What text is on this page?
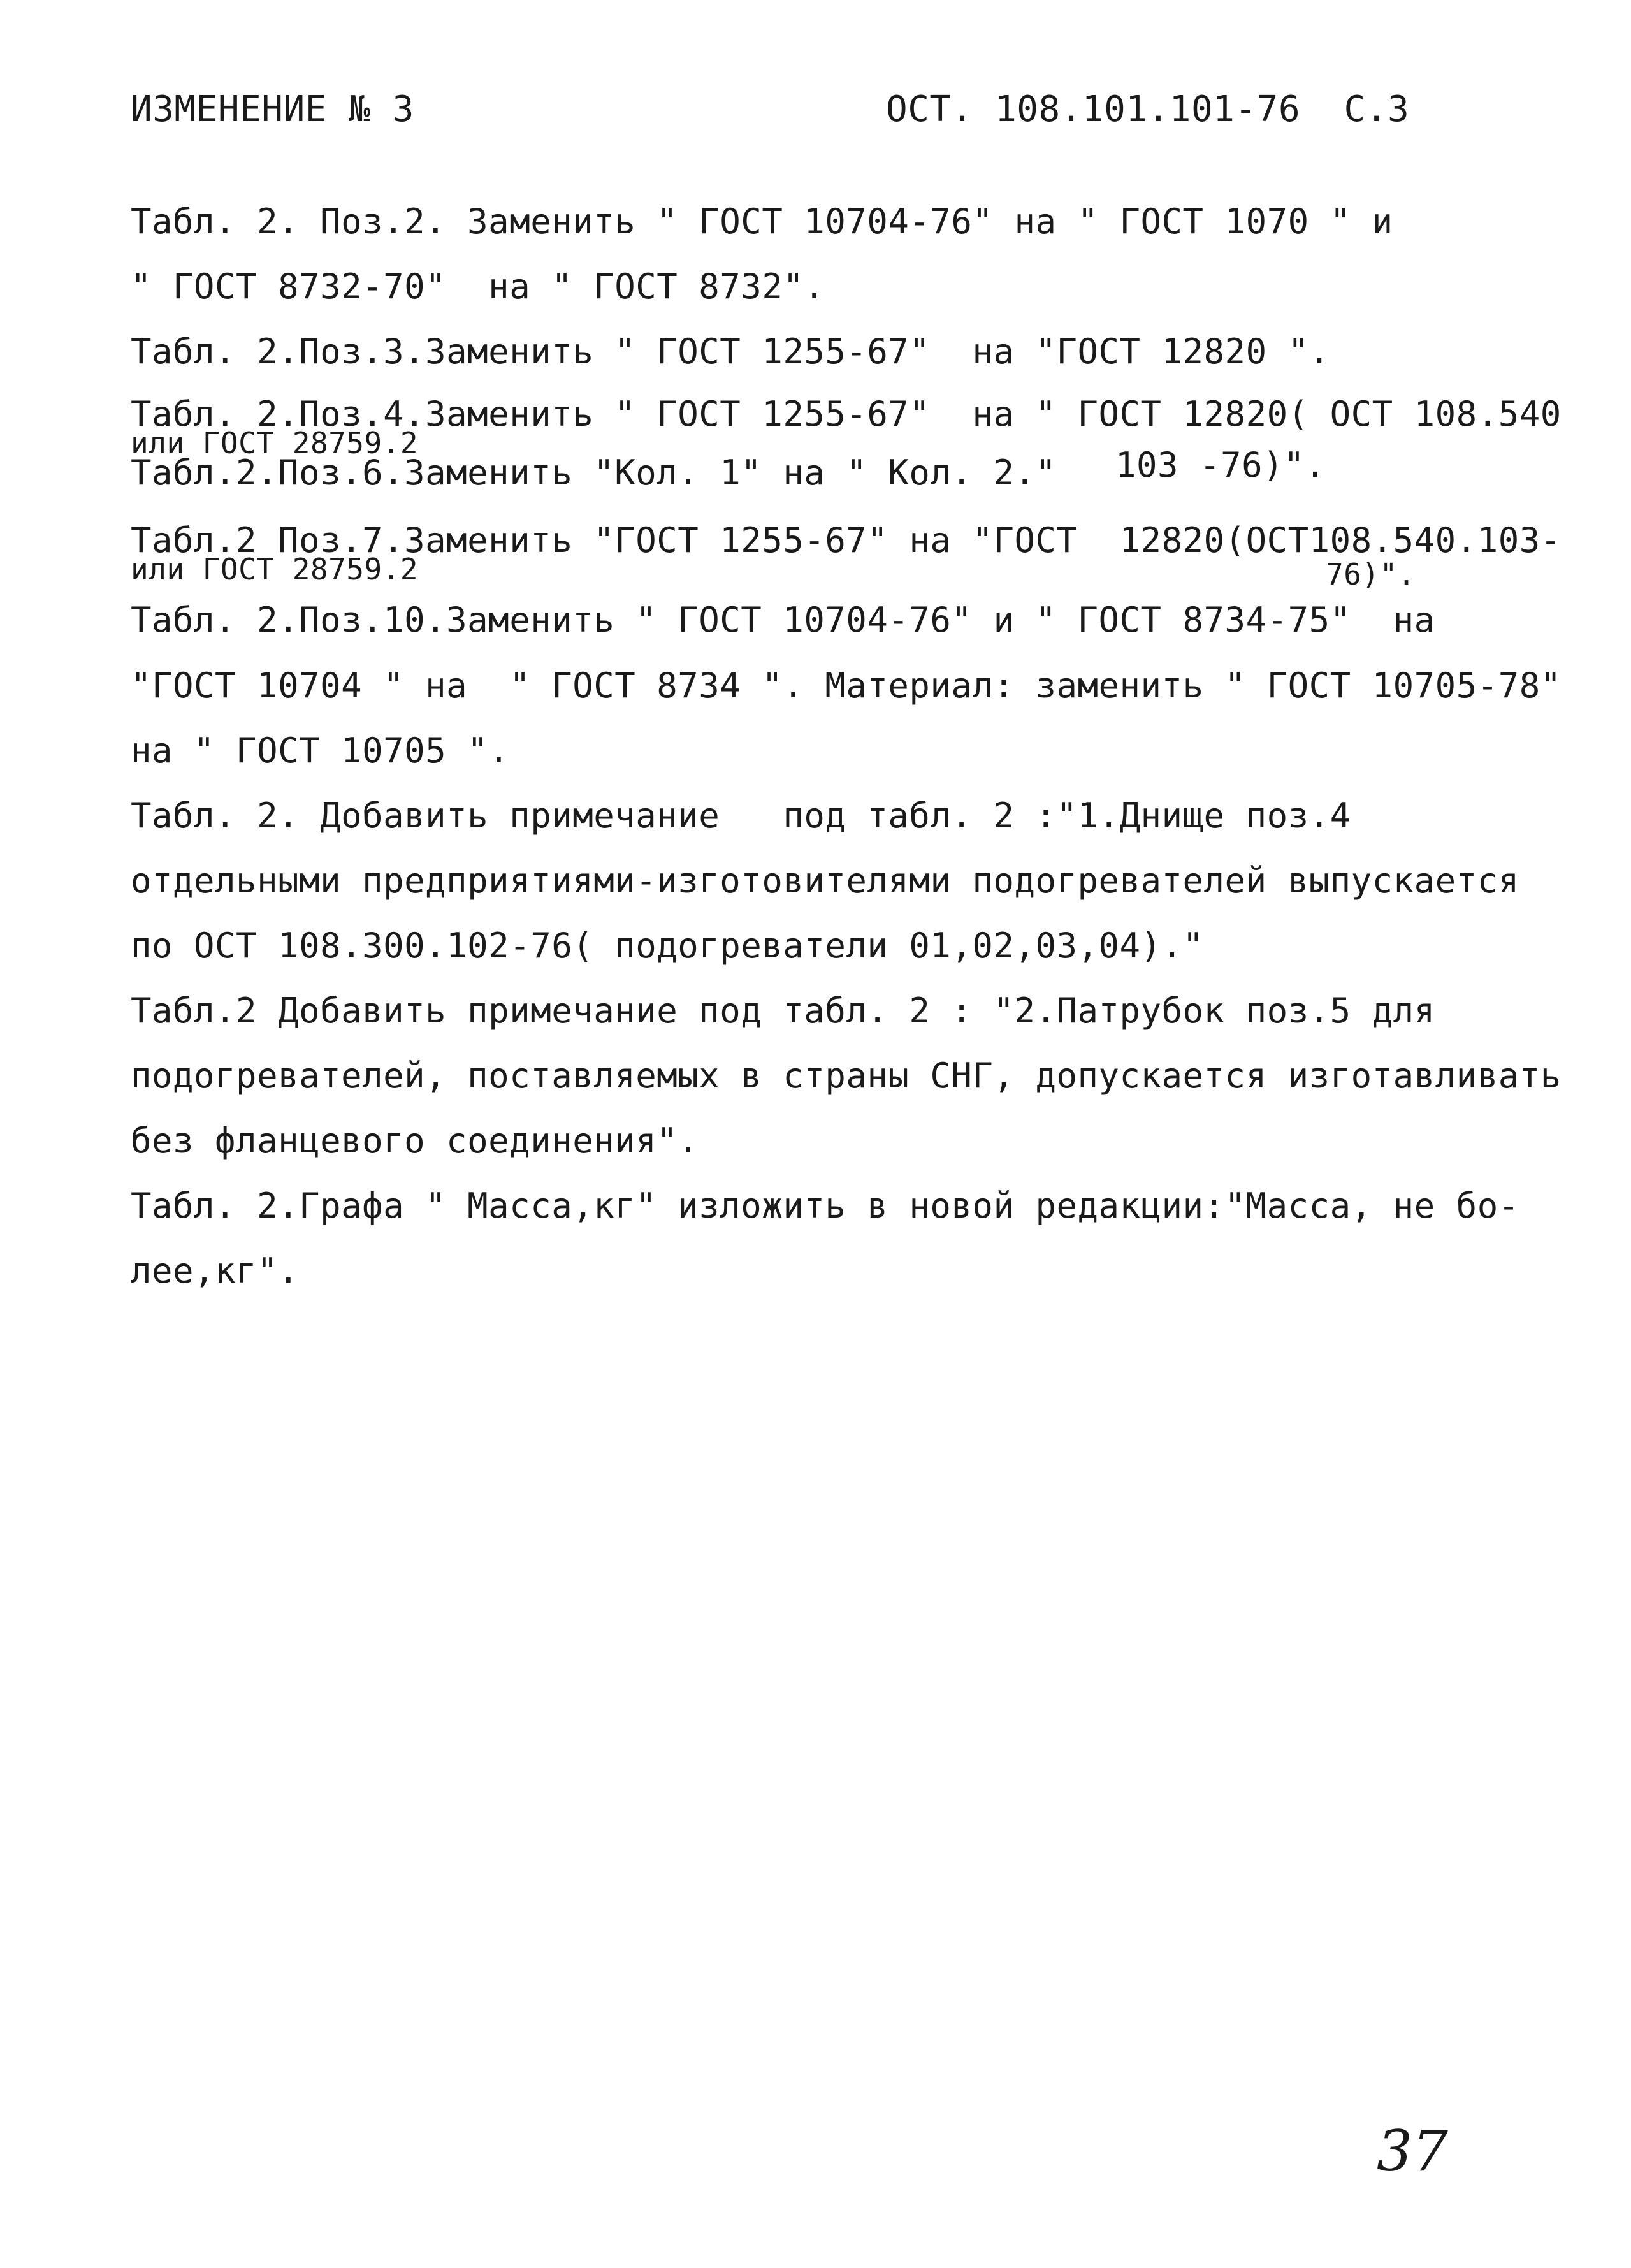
ИЗМЕНЕНИЕ № 3	ОСТ. 108.101.101-76  С.3
Табл. 2. Поз.2. Заменить " ГОСТ 10704-76" на " ГОСТ 1070 " и
" ГОСТ 8732-70"  на " ГОСТ 8732".
Табл. 2.Поз.3.Заменить " ГОСТ 1255-67"  на "ГОСТ 12820 ".
Табл. 2.Поз.4.Заменить " ГОСТ 1255-67"  на " ГОСТ 12820( ОСТ 108.540
или ГОСТ 28759.2
Табл.2.Поз.6.Заменить "Кол. 1" на " Кол. 2." 103 -76)".
Табл.2 Поз.7.Заменить "ГОСТ 1255-67" на "ГОСТ  12820(ОСТ108.540.103-
или ГОСТ 28759.2	76)".
Табл. 2.Поз.10.Заменить " ГОСТ 10704-76" и " ГОСТ 8734-75"  на
"ГОСТ 10704 " на  " ГОСТ 8734 ". Материал: заменить " ГОСТ 10705-78"
на " ГОСТ 10705 ".
Табл. 2. Добавить примечание   под табл. 2 :"1.Днище поз.4
отдельными предприятиями-изготовителями подогревателей выпускается
по ОСТ 108.300.102-76( подогреватели 01,02,03,04)."
Табл.2 Добавить примечание под табл. 2 : "2.Патрубок поз.5 для
подогревателей, поставляемых в страны СНГ, допускается изготавливать
без фланцевого соединения".
Табл. 2.Графа " Масса,кг" изложить в новой редакции:"Масса, не бо-
лее,кг".
37
